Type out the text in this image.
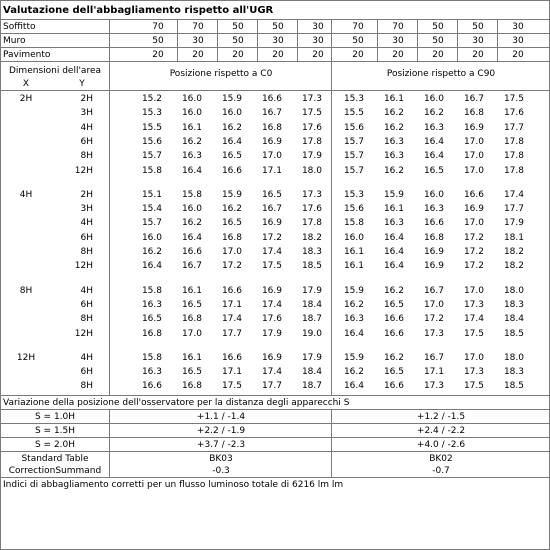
Valutazione dell'abbagliamento rispetto all'UGR
Soffitto	70	70	50	50	30	70	70	50	50	30
Muro	50	30	50	30	30	50	30	50	30	30
Pavimento	20	20	20	20	20	20	20	20	20	20
Dimensioni dell'area
X	Y
Posizione rispetto a C0	Posizione rispetto a C90
2H	2H	15.2	16.0	15.9	16.6	17.3	15.3	16.1	16.0	16.7	17.5
3H	15.3	16.0	16.0	16.7	17.5	15.5	16.2	16.2	16.8	17.6
4H	15.5	16.1	16.2	16.8	17.6	15.6	16.2	16.3	16.9	17.7
6H	15.6	16.2	16.4	16.9	17.8	15.7	16.3	16.4	17.0	17.8
8H	15.7	16.3	16.5	17.0	17.9	15.7	16.3	16.4	17.0	17.8
12H	15.8	16.4	16.6	17.1	18.0	15.7	16.2	16.5	17.0	17.8
4H	2H	15.1	15.8	15.9	16.5	17.3	15.3	15.9	16.0	16.6	17.4
3H	15.4	16.0	16.2	16.7	17.6	15.6	16.1	16.3	16.9	17.7
4H	15.7	16.2	16.5	16.9	17.8	15.8	16.3	16.6	17.0	17.9
6H	16.0	16.4	16.8	17.2	18.2	16.0	16.4	16.8	17.2	18.1
8H	16.2	16.6	17.0	17.4	18.3	16.1	16.4	16.9	17.2	18.2
12H	16.4	16.7	17.2	17.5	18.5	16.1	16.4	16.9	17.2	18.2
8H	4H	15.8	16.1	16.6	16.9	17.9	15.9	16.2	16.7	17.0	18.0
6H	16.3	16.5	17.1	17.4	18.4	16.2	16.5	17.0	17.3	18.3
8H	16.5	16.8	17.4	17.6	18.7	16.3	16.6	17.2	17.4	18.4
12H	16.8	17.0	17.7	17.9	19.0	16.4	16.6	17.3	17.5	18.5
12H	4H	15.8	16.1	16.6	16.9	17.9	15.9	16.2	16.7	17.0	18.0
6H	16.3	16.5	17.1	17.4	18.4	16.2	16.5	17.1	17.3	18.3
8H	16.6	16.8	17.5	17.7	18.7	16.4	16.6	17.3	17.5	18.5
Variazione della posizione dell'osservatore per la distanza degli apparecchi S
S = 1.0H	+1.1 / -1.4	+1.2 / -1.5
S = 1.5H	+2.2 / -1.9	+2.4 / -2.2
S = 2.0H	+3.7 / -2.3	+4.0 / -2.6
Standard Table	BK03	BK02
CorrectionSummand	-0.3	-0.7
Indici di abbagliamento corretti per un flusso luminoso totale di 6216 lm lm
